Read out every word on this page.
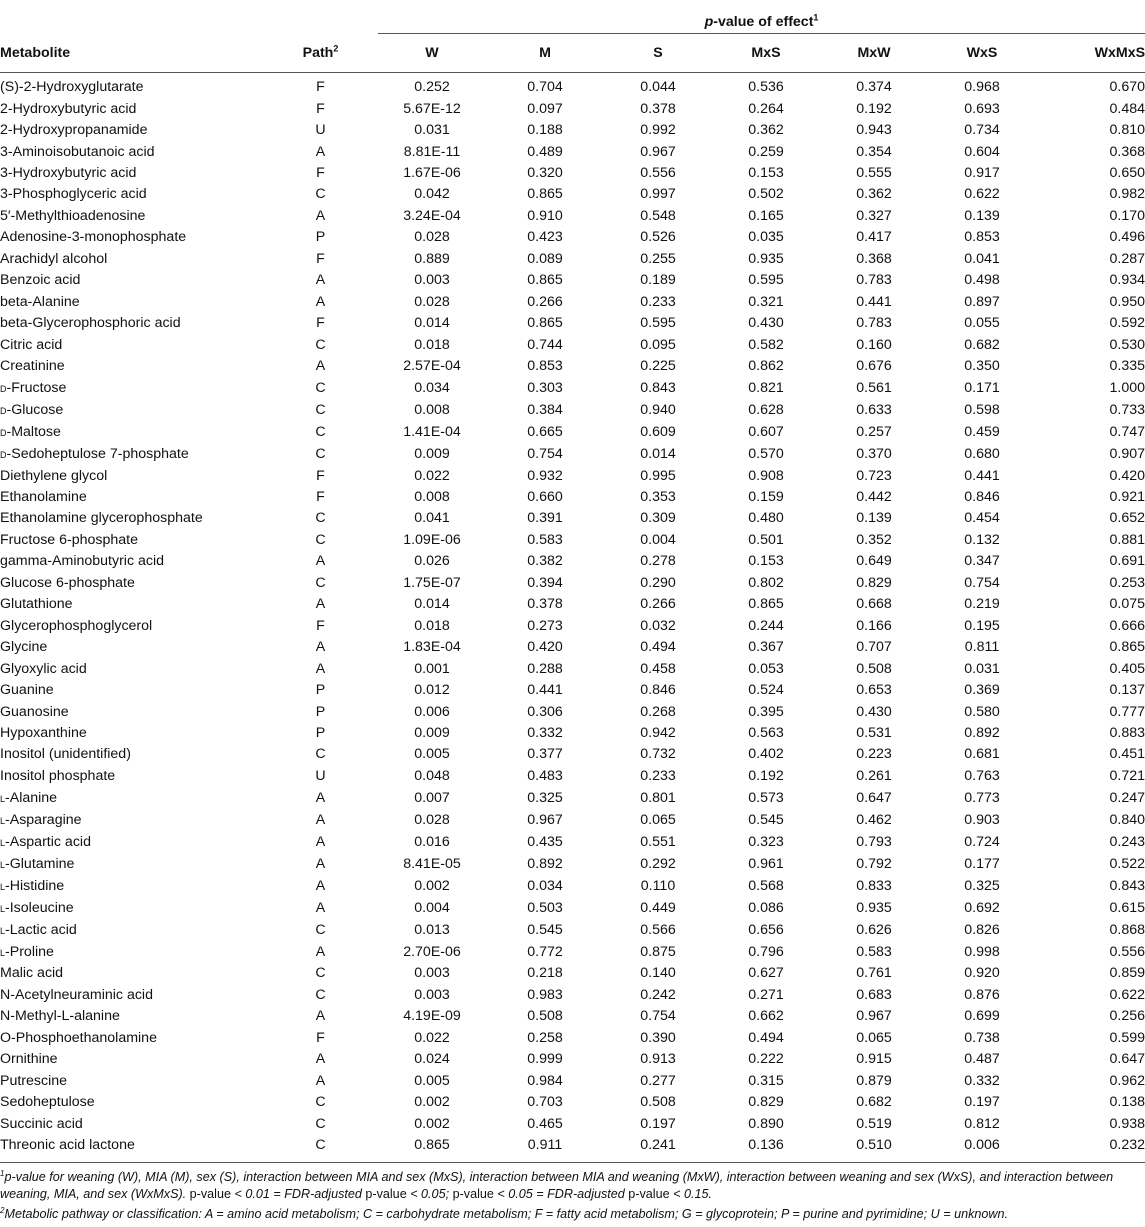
		p-value of effect$^1$
Metabolite	Path$^2$	W	M	S	MxS	MxW	WxS	WxMxS
(S)-2-Hydroxyglutarate	F	0.252	0.704	0.044	0.536	0.374	0.968	0.670
2-Hydroxybutyric acid	F	5.67E-12	0.097	0.378	0.264	0.192	0.693	0.484
2-Hydroxypropanamide	U	0.031	0.188	0.992	0.362	0.943	0.734	0.810
3-Aminoisobutanoic acid	A	8.81E-11	0.489	0.967	0.259	0.354	0.604	0.368
3-Hydroxybutyric acid	F	1.67E-06	0.320	0.556	0.153	0.555	0.917	0.650
3-Phosphoglyceric acid	C	0.042	0.865	0.997	0.502	0.362	0.622	0.982
5′-Methylthioadenosine	A	3.24E-04	0.910	0.548	0.165	0.327	0.139	0.170
Adenosine-3-monophosphate	P	0.028	0.423	0.526	0.035	0.417	0.853	0.496
Arachidyl alcohol	F	0.889	0.089	0.255	0.935	0.368	0.041	0.287
Benzoic acid	A	0.003	0.865	0.189	0.595	0.783	0.498	0.934
beta-Alanine	A	0.028	0.266	0.233	0.321	0.441	0.897	0.950
beta-Glycerophosphoric acid	F	0.014	0.865	0.595	0.430	0.783	0.055	0.592
Citric acid	C	0.018	0.744	0.095	0.582	0.160	0.682	0.530
Creatinine	A	2.57E-04	0.853	0.225	0.862	0.676	0.350	0.335
d-Fructose	C	0.034	0.303	0.843	0.821	0.561	0.171	1.000
d-Glucose	C	0.008	0.384	0.940	0.628	0.633	0.598	0.733
d-Maltose	C	1.41E-04	0.665	0.609	0.607	0.257	0.459	0.747
d-Sedoheptulose 7-phosphate	C	0.009	0.754	0.014	0.570	0.370	0.680	0.907
Diethylene glycol	F	0.022	0.932	0.995	0.908	0.723	0.441	0.420
Ethanolamine	F	0.008	0.660	0.353	0.159	0.442	0.846	0.921
Ethanolamine glycerophosphate	C	0.041	0.391	0.309	0.480	0.139	0.454	0.652
Fructose 6-phosphate	C	1.09E-06	0.583	0.004	0.501	0.352	0.132	0.881
gamma-Aminobutyric acid	A	0.026	0.382	0.278	0.153	0.649	0.347	0.691
Glucose 6-phosphate	C	1.75E-07	0.394	0.290	0.802	0.829	0.754	0.253
Glutathione	A	0.014	0.378	0.266	0.865	0.668	0.219	0.075
Glycerophosphoglycerol	F	0.018	0.273	0.032	0.244	0.166	0.195	0.666
Glycine	A	1.83E-04	0.420	0.494	0.367	0.707	0.811	0.865
Glyoxylic acid	A	0.001	0.288	0.458	0.053	0.508	0.031	0.405
Guanine	P	0.012	0.441	0.846	0.524	0.653	0.369	0.137
Guanosine	P	0.006	0.306	0.268	0.395	0.430	0.580	0.777
Hypoxanthine	P	0.009	0.332	0.942	0.563	0.531	0.892	0.883
Inositol (unidentified)	C	0.005	0.377	0.732	0.402	0.223	0.681	0.451
Inositol phosphate	U	0.048	0.483	0.233	0.192	0.261	0.763	0.721
l-Alanine	A	0.007	0.325	0.801	0.573	0.647	0.773	0.247
l-Asparagine	A	0.028	0.967	0.065	0.545	0.462	0.903	0.840
l-Aspartic acid	A	0.016	0.435	0.551	0.323	0.793	0.724	0.243
l-Glutamine	A	8.41E-05	0.892	0.292	0.961	0.792	0.177	0.522
l-Histidine	A	0.002	0.034	0.110	0.568	0.833	0.325	0.843
l-Isoleucine	A	0.004	0.503	0.449	0.086	0.935	0.692	0.615
l-Lactic acid	C	0.013	0.545	0.566	0.656	0.626	0.826	0.868
l-Proline	A	2.70E-06	0.772	0.875	0.796	0.583	0.998	0.556
Malic acid	C	0.003	0.218	0.140	0.627	0.761	0.920	0.859
N-Acetylneuraminic acid	C	0.003	0.983	0.242	0.271	0.683	0.876	0.622
N-Methyl-L-alanine	A	4.19E-09	0.508	0.754	0.662	0.967	0.699	0.256
O-Phosphoethanolamine	F	0.022	0.258	0.390	0.494	0.065	0.738	0.599
Ornithine	A	0.024	0.999	0.913	0.222	0.915	0.487	0.647
Putrescine	A	0.005	0.984	0.277	0.315	0.879	0.332	0.962
Sedoheptulose	C	0.002	0.703	0.508	0.829	0.682	0.197	0.138
Succinic acid	C	0.002	0.465	0.197	0.890	0.519	0.812	0.938
Threonic acid lactone	C	0.865	0.911	0.241	0.136	0.510	0.006	0.232

$^1$p-value for weaning (W), MIA (M), sex (S), interaction between MIA and sex (MxS), interaction between MIA and weaning (MxW), interaction between weaning and sex (WxS), and interaction between weaning, MIA, and sex (WxMxS). p-value < 0.01 = FDR-adjusted p-value < 0.05; p-value < 0.05 = FDR-adjusted p-value < 0.15.

$^2$Metabolic pathway or classification: A = amino acid metabolism; C = carbohydrate metabolism; F = fatty acid metabolism; G = glycoprotein; P = purine and pyrimidine; U = unknown.
